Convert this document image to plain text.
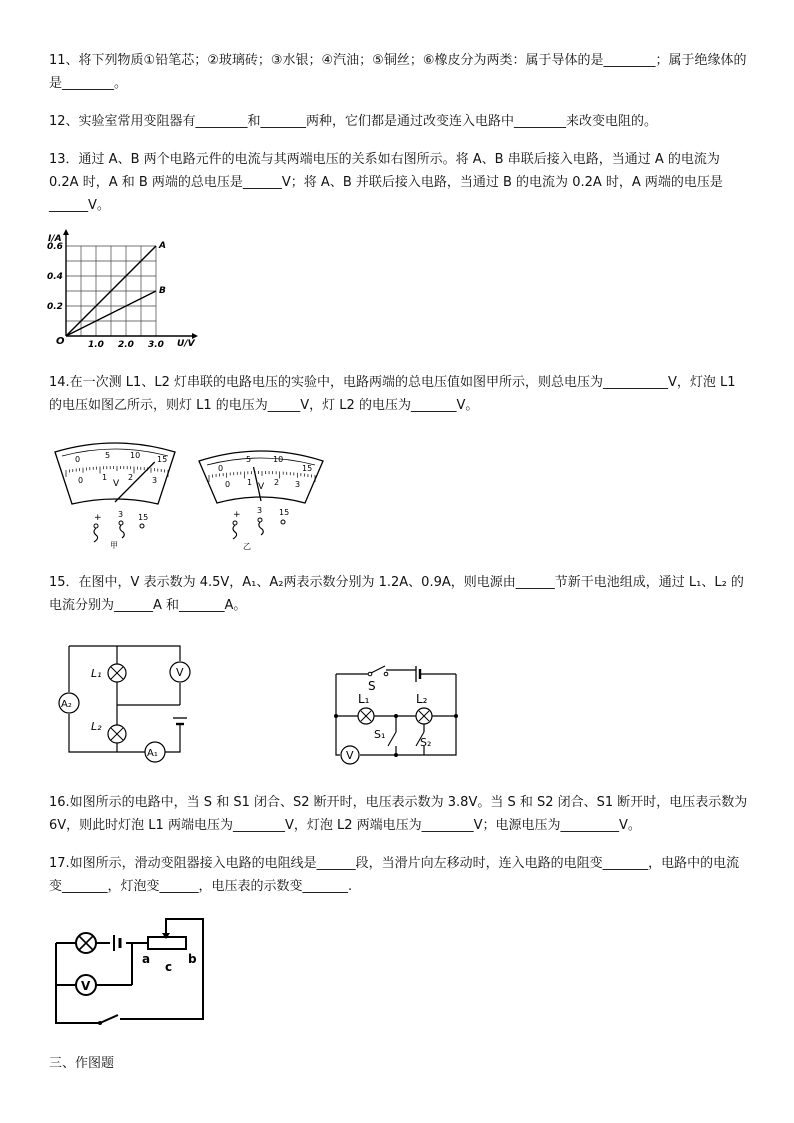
11、将下列物质①铅笔芯；②玻璃砖；③水银；④汽油；⑤铜丝；⑥橡皮分为两类：属于导体的是________；属于绝缘体的是________。

12、实验室常用变阻器有________和_______两种，它们都是通过改变连入电路中________来改变电阻的。

13．通过 A、B 两个电路元件的电流与其两端电压的关系如右图所示。将 A、B 串联后接入电路，当通过 A 的电流为 0.2A 时，A 和 B 两端的总电压是______V；将 A、B 并联后接入电路，当通过 B 的电流为 0.2A 时，A 两端的电压是______V。

A
B
1.0 2.0 3.0
0.2
0.4
0.6
I/A
U/V
O

14.在一次测 L1、L2 灯串联的电路电压的实验中，电路两端的总电压值如图甲所示，则总电压为__________V，灯泡 L1 的电压如图乙所示，则灯 L1 的电压为_____V，灯 L2 的电压为_______V。

0	5 10 15
0 1	2 3
V
+ 3 15
甲
0
5	10
15
0 1	2 3
V
+ 3 15
乙

15．在图中，V 表示数为 4.5V，A₁、A₂两表示数分别为 1.2A、0.9A，则电源由______节新干电池组成，通过 L₁、L₂ 的电流分别为______A 和_______A。

L₁
L₂
V
A₂
A₁
S
L₁	L₂
S₁
S₂
V

16.如图所示的电路中，当 S 和 S1 闭合、S2 断开时，电压表示数为 3.8V。当 S 和 S2 闭合、S1 断开时，电压表示数为 6V，则此时灯泡 L1 两端电压为________V，灯泡 L2 两端电压为________V；电源电压为_________V。

17.如图所示，滑动变阻器接入电路的电阻线是______段，当滑片向左移动时，连入电路的电阻变_______，电路中的电流变_______，灯泡变______，电压表的示数变_______.

a	b
c
V
三、作图题
